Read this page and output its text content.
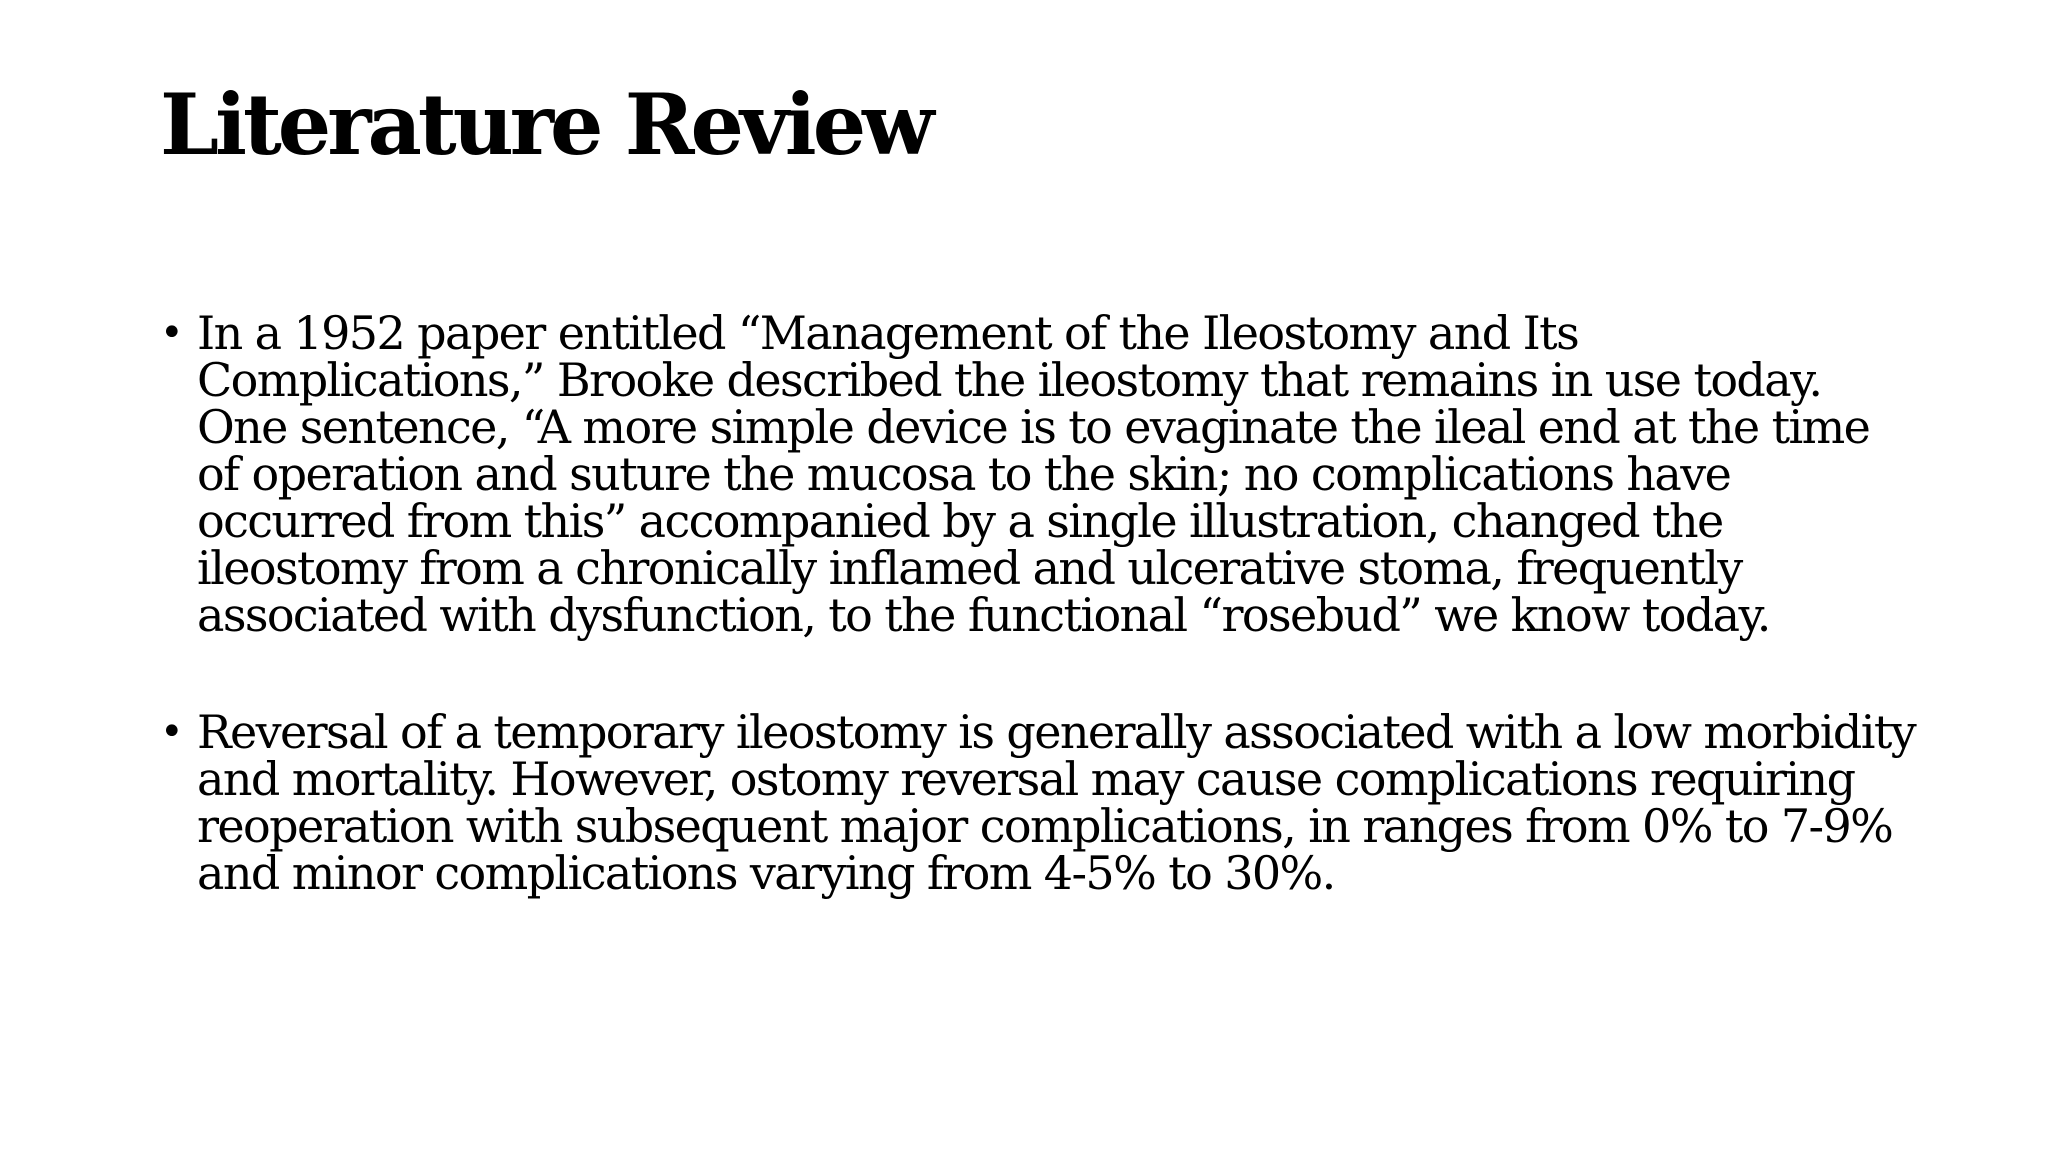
Literature Review
• In a 1952 paper entitled “Management of the Ileostomy and Its Complications,” Brooke described the ileostomy that remains in use today. One sentence, “A more simple device is to evaginate the ileal end at the time of operation and suture the mucosa to the skin; no complications have occurred from this” accompanied by a single illustration, changed the ileostomy from a chronically inflamed and ulcerative stoma, frequently associated with dysfunction, to the functional “rosebud” we know today.
• Reversal of a temporary ileostomy is generally associated with a low morbidity and mortality. However, ostomy reversal may cause complications requiring reoperation with subsequent major complications, in ranges from 0% to 7-9% and minor complications varying from 4-5% to 30%.
